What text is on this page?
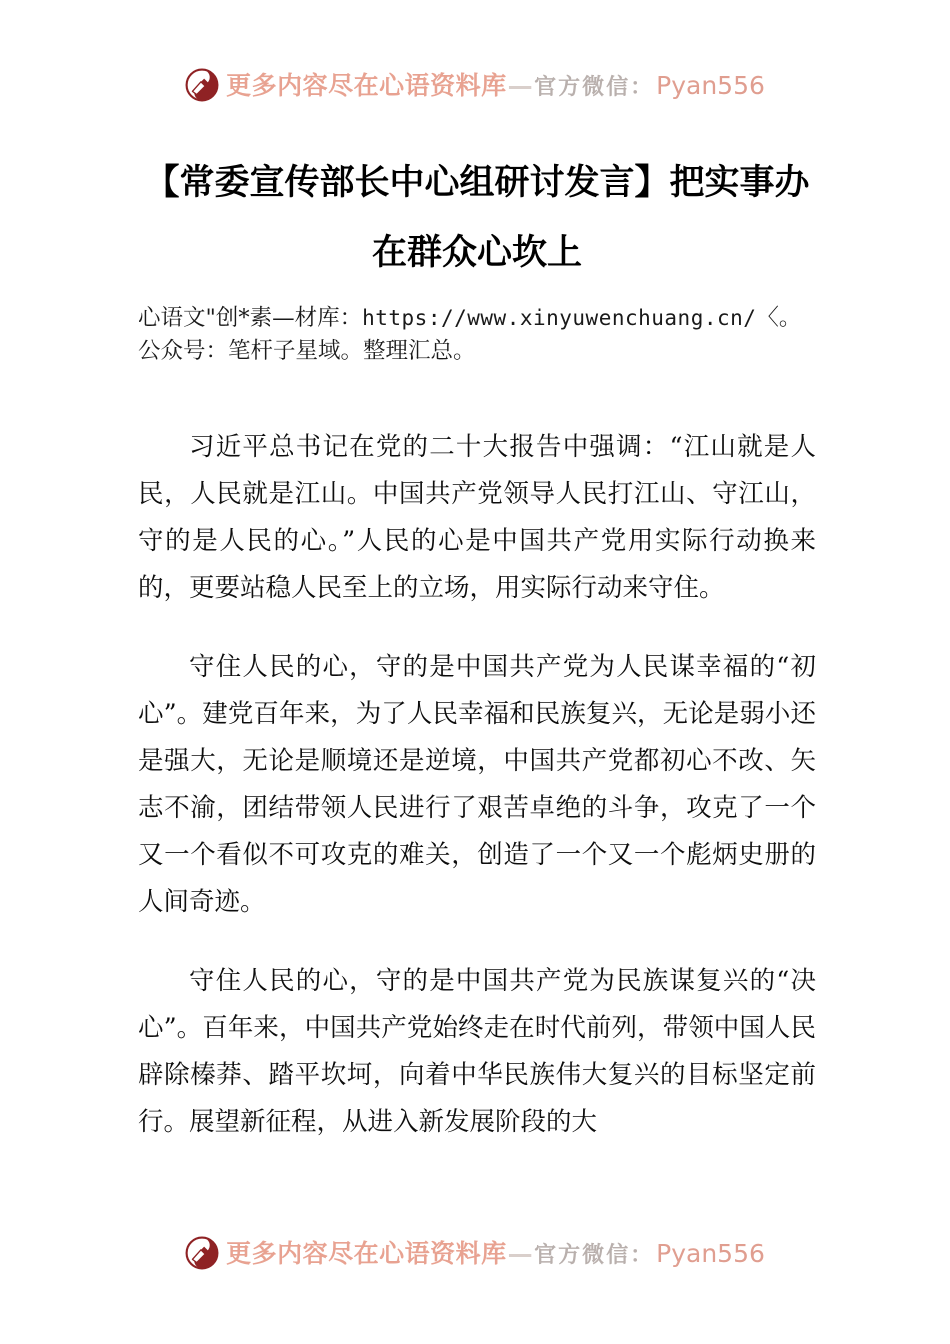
更多内容尽在心语资料库 — 官方微信： Pyan556
【常委宣传部长中心组研讨发言】把实事办
在群众心坎上

心语文"创*素—材库：https://www.xinyuwenchuang.cn/〈。公众号：笔杆子星域。整理汇总。

习近平总书记在党的二十大报告中强调：“江山就是人民，人民就是江山。中国共产党领导人民打江山、守江山，守的是人民的心。”人民的心是中国共产党用实际行动换来的，更要站稳人民至上的立场，用实际行动来守住。

守住人民的心，守的是中国共产党为人民谋幸福的“初心”。建党百年来，为了人民幸福和民族复兴，无论是弱小还是强大，无论是顺境还是逆境，中国共产党都初心不改、矢志不渝，团结带领人民进行了艰苦卓绝的斗争，攻克了一个又一个看似不可攻克的难关，创造了一个又一个彪炳史册的人间奇迹。

守住人民的心，守的是中国共产党为民族谋复兴的“决心”。百年来，中国共产党始终走在时代前列，带领中国人民辟除榛莽、踏平坎坷，向着中华民族伟大复兴的目标坚定前行。展望新征程，从进入新发展阶段的大

更多内容尽在心语资料库 — 官方微信： Pyan556
